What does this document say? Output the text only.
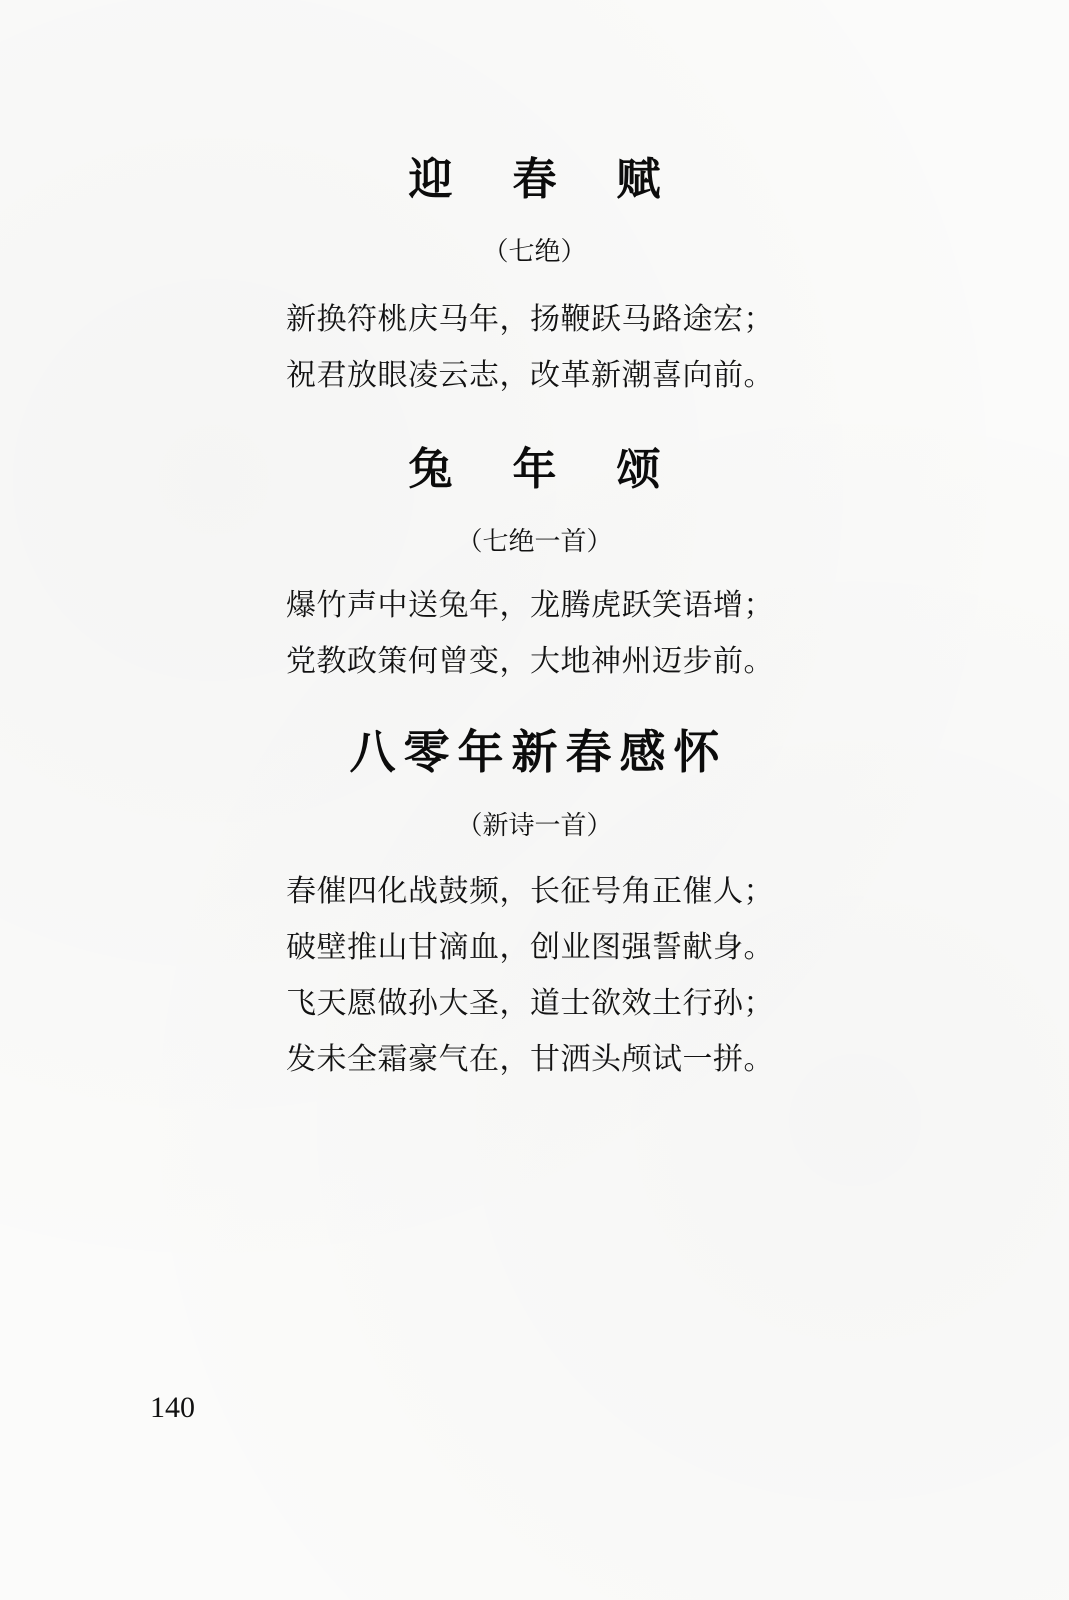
迎春赋
（七绝）
新换符桃庆马年，扬鞭跃马路途宏；
祝君放眼凌云志，改革新潮喜向前。
兔年颂
（七绝一首）
爆竹声中送兔年，龙腾虎跃笑语增；
党教政策何曾变，大地神州迈步前。
八零年新春感怀
（新诗一首）
春催四化战鼓频，长征号角正催人；
破壁推山甘滴血，创业图强誓献身。
飞天愿做孙大圣，道士欲效土行孙；
发未全霜豪气在，甘洒头颅试一拼。
140
